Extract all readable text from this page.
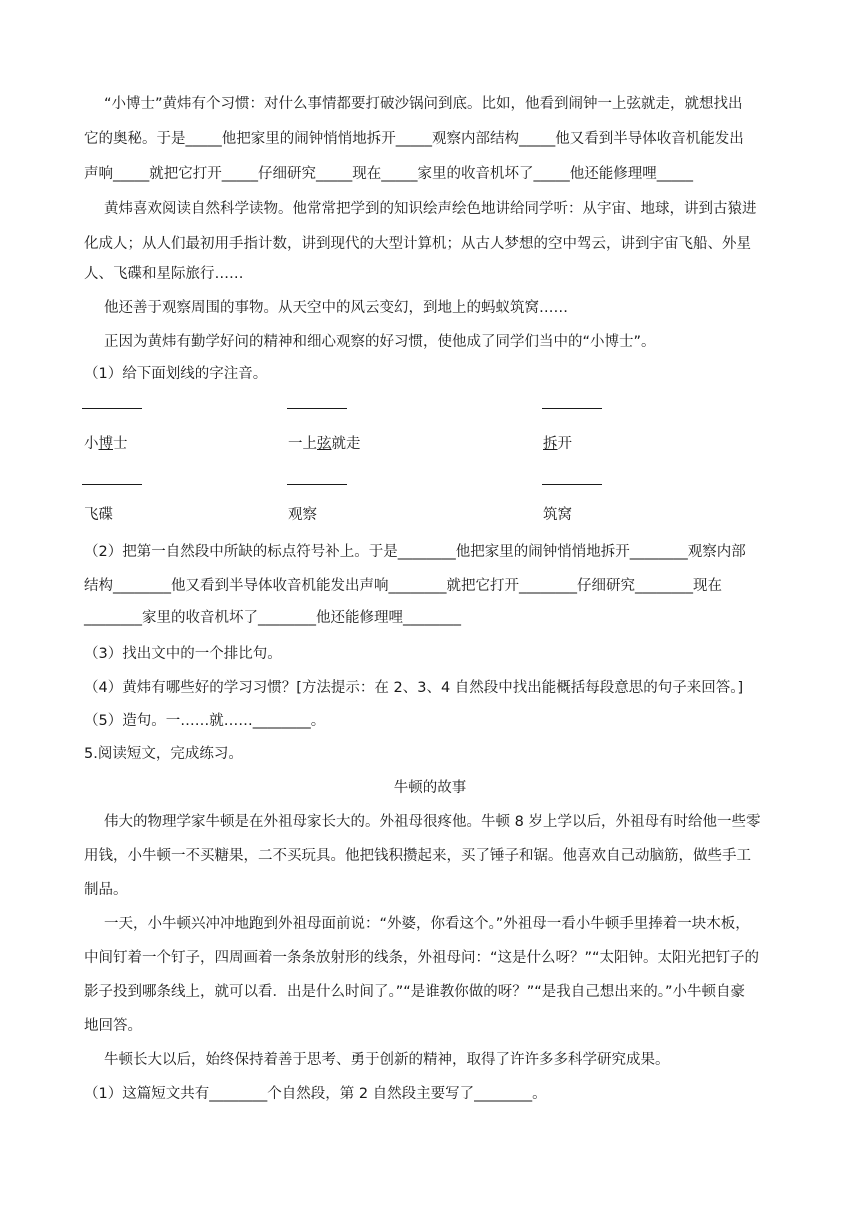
“小博士”黄炜有个习惯：对什么事情都要打破沙锅问到底。比如，他看到闹钟一上弦就走，就想找出
它的奥秘。于是_____他把家里的闹钟悄悄地拆开_____观察内部结构_____他又看到半导体收音机能发出
声响_____就把它打开_____仔细研究_____现在_____家里的收音机坏了_____他还能修理哩_____
黄炜喜欢阅读自然科学读物。他常常把学到的知识绘声绘色地讲给同学听：从宇宙、地球，讲到古猿进
化成人；从人们最初用手指计数，讲到现代的大型计算机；从古人梦想的空中驾云，讲到宇宙飞船、外星
人、飞碟和星际旅行……
他还善于观察周围的事物。从天空中的风云变幻，到地上的蚂蚁筑窝……
正因为黄炜有勤学好问的精神和细心观察的好习惯，使他成了同学们当中的“小博士”。
（1）给下面划线的字注音。
小博士	一上弦就走	拆开
飞碟	观察	筑窝
（2）把第一自然段中所缺的标点符号补上。于是________他把家里的闹钟悄悄地拆开________观察内部
结构________他又看到半导体收音机能发出声响________就把它打开________仔细研究________现在
________家里的收音机坏了________他还能修理哩________
（3）找出文中的一个排比句。
（4）黄炜有哪些好的学习习惯？[方法提示：在 2、3、4 自然段中找出能概括每段意思的句子来回答。]
（5）造句。一……就……________。
5.阅读短文，完成练习。
牛顿的故事
伟大的物理学家牛顿是在外祖母家长大的。外祖母很疼他。牛顿 8 岁上学以后，外祖母有时给他一些零
用钱，小牛顿一不买糖果，二不买玩具。他把钱积攒起来，买了锤子和锯。他喜欢自己动脑筋，做些手工
制品。
一天，小牛顿兴冲冲地跑到外祖母面前说：“外婆，你看这个。”外祖母一看小牛顿手里捧着一块木板，
中间钉着一个钉子，四周画着一条条放射形的线条，外祖母问：“这是什么呀？”“太阳钟。太阳光把钉子的
影子投到哪条线上，就可以看．出是什么时间了。”“是谁教你做的呀？”“是我自己想出来的。”小牛顿自豪
地回答。
牛顿长大以后，始终保持着善于思考、勇于创新的精神，取得了许许多多科学研究成果。
（1）这篇短文共有________个自然段，第 2 自然段主要写了________。
